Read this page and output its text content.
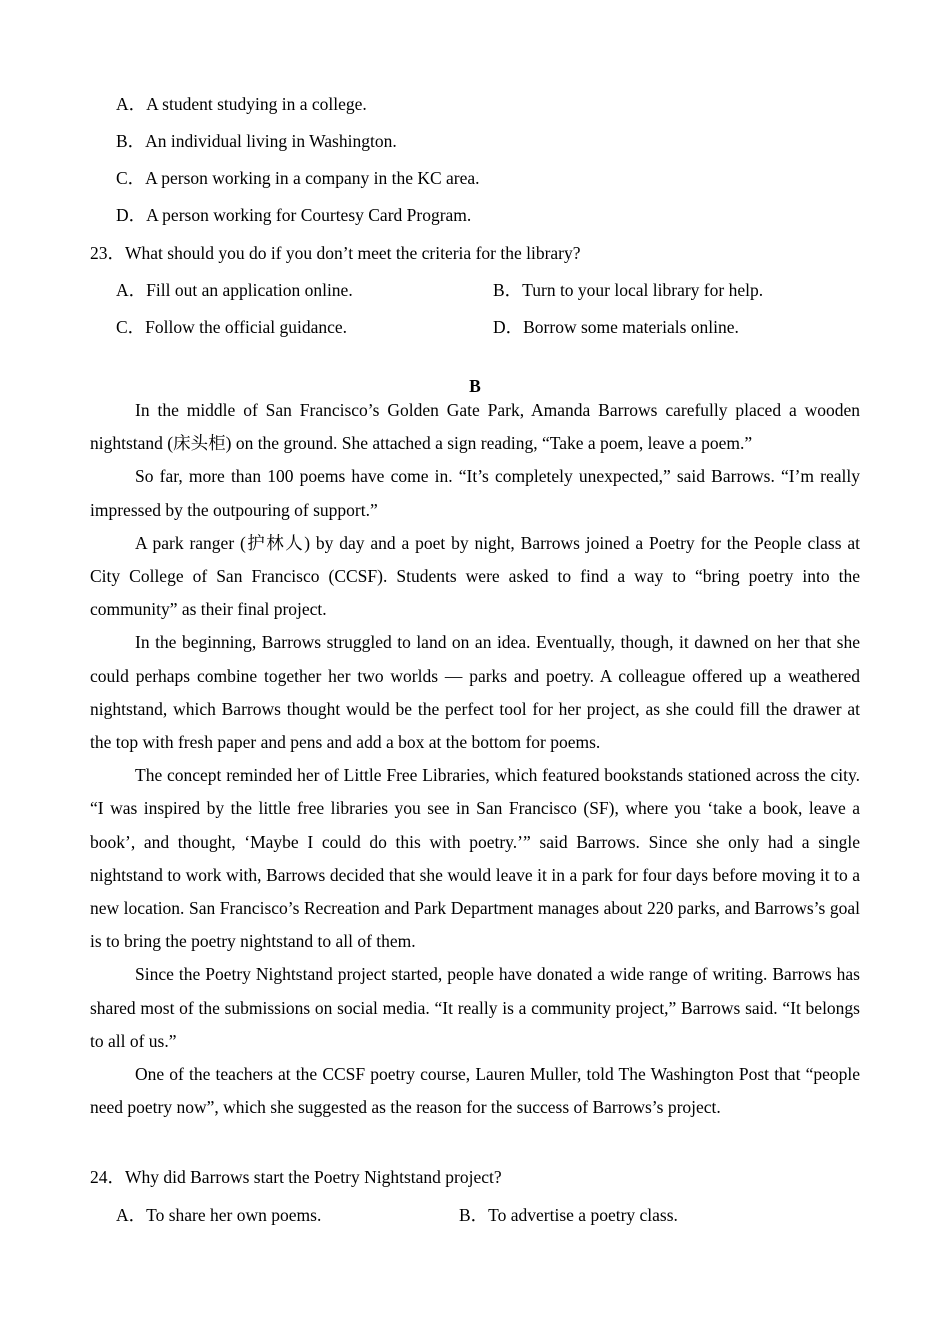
A．A student studying in a college.
B．An individual living in Washington.
C．A person working in a company in the KC area.
D．A person working for Courtesy Card Program.
23．What should you do if you don’t meet the criteria for the library?
A．Fill out an application online.	B．Turn to your local library for help.
C．Follow the official guidance.	D．Borrow some materials online.
B

In the middle of San Francisco’s Golden Gate Park, Amanda Barrows carefully placed a wooden nightstand (床头柜) on the ground. She attached a sign reading, “Take a poem, leave a poem.”

So far, more than 100 poems have come in. “It’s completely unexpected,” said Barrows. “I’m really impressed by the outpouring of support.”

A park ranger (护林人) by day and a poet by night, Barrows joined a Poetry for the People class at City College of San Francisco (CCSF). Students were asked to find a way to “bring poetry into the community” as their final project.

In the beginning, Barrows struggled to land on an idea. Eventually, though, it dawned on her that she could perhaps combine together her two worlds — parks and poetry. A colleague offered up a weathered nightstand, which Barrows thought would be the perfect tool for her project, as she could fill the drawer at the top with fresh paper and pens and add a box at the bottom for poems.

The concept reminded her of Little Free Libraries, which featured bookstands stationed across the city. “I was inspired by the little free libraries you see in San Francisco (SF), where you ‘take a book, leave a book’, and thought, ‘Maybe I could do this with poetry.’” said Barrows. Since she only had a single nightstand to work with, Barrows decided that she would leave it in a park for four days before moving it to a new location. San Francisco’s Recreation and Park Department manages about 220 parks, and Barrows’s goal is to bring the poetry nightstand to all of them.

Since the Poetry Nightstand project started, people have donated a wide range of writing. Barrows has shared most of the submissions on social media. “It really is a community project,” Barrows said. “It belongs to all of us.”

One of the teachers at the CCSF poetry course, Lauren Muller, told The Washington Post that “people need poetry now”, which she suggested as the reason for the success of Barrows’s project.

24．Why did Barrows start the Poetry Nightstand project?
A．To share her own poems.	B．To advertise a poetry class.
